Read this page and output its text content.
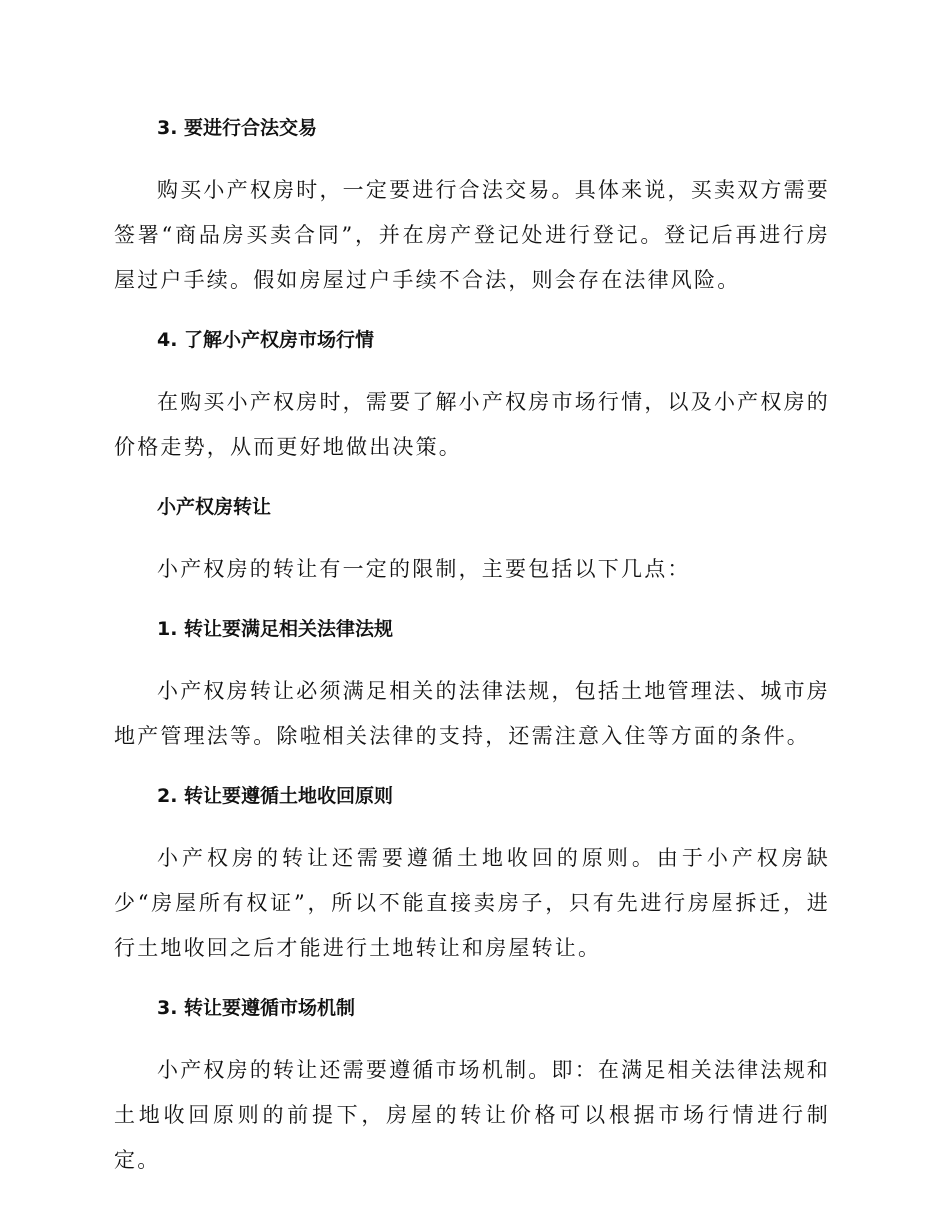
3. 要进行合法交易

购买小产权房时，一定要进行合法交易。具体来说，买卖双方需要签署“商品房买卖合同”，并在房产登记处进行登记。登记后再进行房屋过户手续。假如房屋过户手续不合法，则会存在法律风险。

4. 了解小产权房市场行情

在购买小产权房时，需要了解小产权房市场行情，以及小产权房的价格走势，从而更好地做出决策。

小产权房转让

小产权房的转让有一定的限制，主要包括以下几点：

1. 转让要满足相关法律法规

小产权房转让必须满足相关的法律法规，包括土地管理法、城市房地产管理法等。除啦相关法律的支持，还需注意入住等方面的条件。

2. 转让要遵循土地收回原则

小产权房的转让还需要遵循土地收回的原则。由于小产权房缺少“房屋所有权证”，所以不能直接卖房子，只有先进行房屋拆迁，进行土地收回之后才能进行土地转让和房屋转让。

3. 转让要遵循市场机制

小产权房的转让还需要遵循市场机制。即：在满足相关法律法规和土地收回原则的前提下，房屋的转让价格可以根据市场行情进行制定。
